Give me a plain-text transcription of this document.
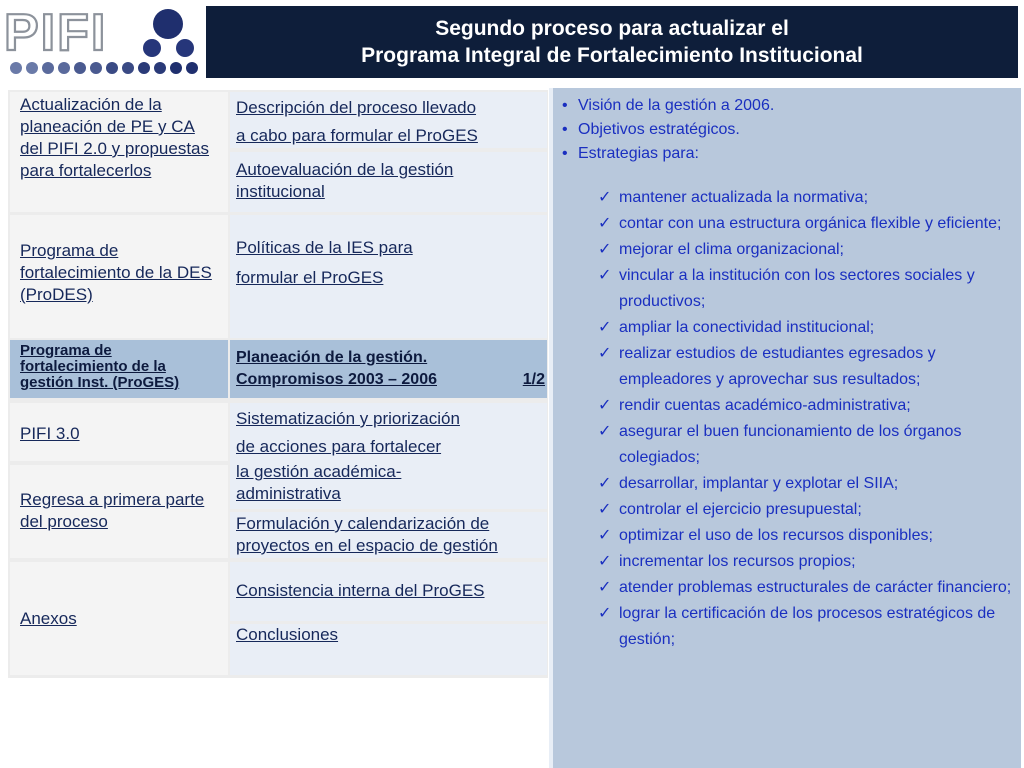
PIFI	Segundo proceso para actualizar el
Programa Integral de Fortalecimiento Institucional
Actualización de la planeación de PE y CA del PIFI 2.0 y propuestas para fortalecerlos
Programa de fortalecimiento de la DES (ProDES)
Programa de fortalecimiento de la gestión Inst. (ProGES)
PIFI 3.0
Regresa a primera parte del proceso
Anexos
Descripción del proceso llevado
a cabo para formular el ProGES
Autoevaluación de la gestión institucional
Políticas de la IES para
formular el ProGES
Planeación de la gestión.
Compromisos 2003 – 2006	1/2
Sistematización y priorización
de acciones para fortalecer
la gestión académica-administrativa
Formulación y calendarización de proyectos en el espacio de gestión
Consistencia interna del ProGES
Conclusiones
• Visión de la gestión a 2006.
• Objetivos estratégicos.
• Estrategias para:
✓ mantener actualizada la normativa;
✓ contar con una estructura orgánica flexible y eficiente;
✓ mejorar el clima organizacional;
✓ vincular a la institución con los sectores sociales y productivos;
✓ ampliar la conectividad institucional;
✓ realizar estudios de estudiantes egresados y empleadores y aprovechar sus resultados;
✓ rendir cuentas académico-administrativa;
✓ asegurar el buen funcionamiento de los órganos colegiados;
✓ desarrollar, implantar y explotar el SIIA;
✓ controlar el ejercicio presupuestal;
✓ optimizar el uso de los recursos disponibles;
✓ incrementar los recursos propios;
✓ atender problemas estructurales de carácter financiero;
✓ lograr la certificación de los procesos estratégicos de gestión;
